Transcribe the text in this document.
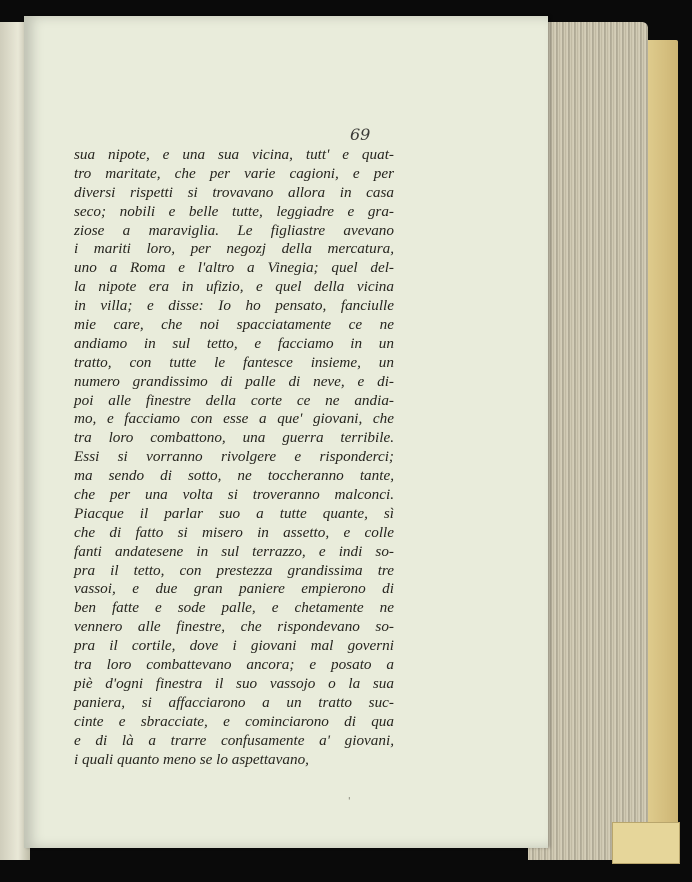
69
sua nipote, e una sua vicina, tutt' e quat-
tro maritate, che per varie cagioni, e per
diversi rispetti si trovavano allora in casa
seco; nobili e belle tutte, leggiadre e gra-
ziose a maraviglia. Le figliastre avevano
i mariti loro, per negozj della mercatura,
uno a Roma e l'altro a Vinegia; quel del-
la nipote era in ufizio, e quel della vicina
in villa; e disse: Io ho pensato, fanciulle
mie care, che noi spacciatamente ce ne
andiamo in sul tetto, e facciamo in un
tratto, con tutte le fantesce insieme, un
numero grandissimo di palle di neve, e di-
poi alle finestre della corte ce ne andia-
mo, e facciamo con esse a que' giovani, che
tra loro combattono, una guerra terribile.
Essi si vorranno rivolgere e risponderci;
ma sendo di sotto, ne toccheranno tante,
che per una volta si troveranno malconci.
Piacque il parlar suo a tutte quante, sì
che di fatto si misero in assetto, e colle
fanti andatesene in sul terrazzo, e indi so-
pra il tetto, con prestezza grandissima tre
vassoi, e due gran paniere empierono di
ben fatte e sode palle, e chetamente ne
vennero alle finestre, che rispondevano so-
pra il cortile, dove i giovani mal governi
tra loro combattevano ancora; e posato a
piè d'ogni finestra il suo vassojo o la sua
paniera, si affacciarono a un tratto suc-
cinte e sbracciate, e cominciarono di qua
e di là a trarre confusamente a' giovani,
i quali quanto meno se lo aspettavano,
'
